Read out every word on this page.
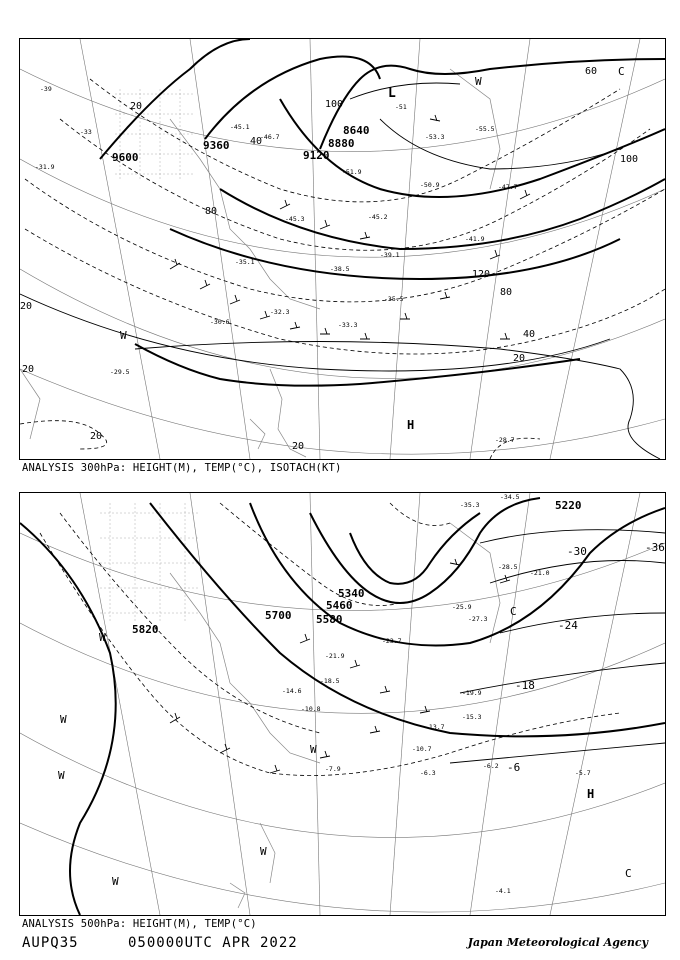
9600
9360
9120
8880
8640
20
40
60
80
100
120
100
80
40
20
20
20
20
20
W
L
W
H
C
-39
-33
-45.1
-46.7
-51
-51.9
-53.3
-55.5
-50.9
-45.2
-41.9
-39.1
-35.5
-33.3
-38.5
-32.3
-29.5
-28.7
-35.1
-31.9
-30.6
-45.3
-47.7
ANALYSIS 300hPa: HEIGHT(M), TEMP(°C), ISOTACH(KT)
5820
5700 5580
5460
5340
5220
-36
-30
-24
-18
-6
W
W
W
W
W
C
H
C
W
-21.9
-19.9
-15.3
-13.7
-10.7
-6.3
-6.2
-5.7
-4.1
-25.9
-27.3
-23.7
-21.0
-18.5
-14.6
-10.8
-7.9
-34.5
-35.3
-28.5
ANALYSIS 500hPa: HEIGHT(M), TEMP(°C)
AUPQ35	050000UTC APR 2022	Japan Meteorological Agency
